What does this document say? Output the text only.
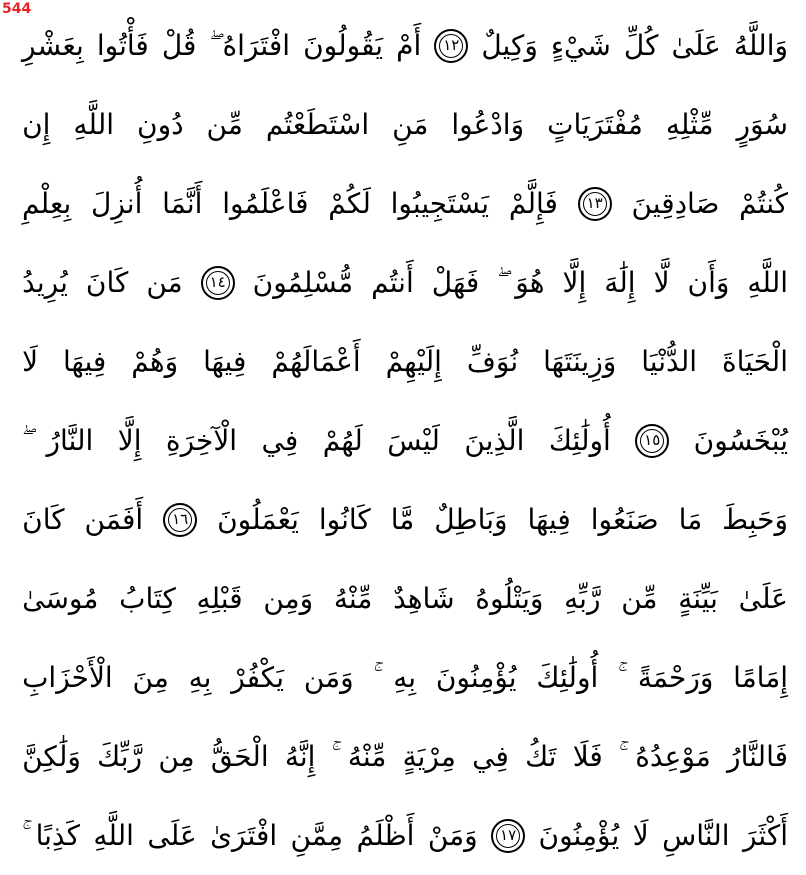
544
وَاللَّهُ
عَلَىٰ
كُلِّ
شَيْءٍ
وَكِيلٌ
١٢
أَمْ
يَقُولُونَ
افْتَرَاهُ
قُلْ
فَأْتُوا
بِعَشْرِ
سُوَرٍ
مِّثْلِهِ
مُفْتَرَيَاتٍ
وَادْعُوا
مَنِ
اسْتَطَعْتُم
مِّن
دُونِ
اللَّهِ
إِن
كُنتُمْ
صَادِقِينَ
١٣
فَإِلَّمْ
يَسْتَجِيبُوا
لَكُمْ
فَاعْلَمُوا
أَنَّمَا
أُنزِلَ
بِعِلْمِ
اللَّهِ
وَأَن
لَّا
إِلَٰهَ
إِلَّا
هُوَ
فَهَلْ
أَنتُم
مُّسْلِمُونَ
١٤
مَن
كَانَ
يُرِيدُ
الْحَيَاةَ
الدُّنْيَا
وَزِينَتَهَا
نُوَفِّ
إِلَيْهِمْ
أَعْمَالَهُمْ
فِيهَا
وَهُمْ
فِيهَا
لَا
يُبْخَسُونَ
١٥
أُولَٰئِكَ
الَّذِينَ
لَيْسَ
لَهُمْ
فِي
الْآخِرَةِ
إِلَّا
النَّارُ
وَحَبِطَ
مَا
صَنَعُوا
فِيهَا
وَبَاطِلٌ
مَّا
كَانُوا
يَعْمَلُونَ
١٦
أَفَمَن
كَانَ
عَلَىٰ
بَيِّنَةٍ
مِّن
رَّبِّهِ
وَيَتْلُوهُ
شَاهِدٌ
مِّنْهُ
وَمِن
قَبْلِهِ
كِتَابُ
مُوسَىٰ
إِمَامًا
وَرَحْمَةً
أُولَٰئِكَ
يُؤْمِنُونَ
بِهِ
وَمَن
يَكْفُرْ
بِهِ
مِنَ
الْأَحْزَابِ
فَالنَّارُ
مَوْعِدُهُ
فَلَا
تَكُ
فِي
مِرْيَةٍ
مِّنْهُ
إِنَّهُ
الْحَقُّ
مِن
رَّبِّكَ
وَلَٰكِنَّ
أَكْثَرَ
النَّاسِ
لَا
يُؤْمِنُونَ
١٧
وَمَنْ
أَظْلَمُ
مِمَّنِ
افْتَرَىٰ
عَلَى
اللَّهِ
كَذِبًا
